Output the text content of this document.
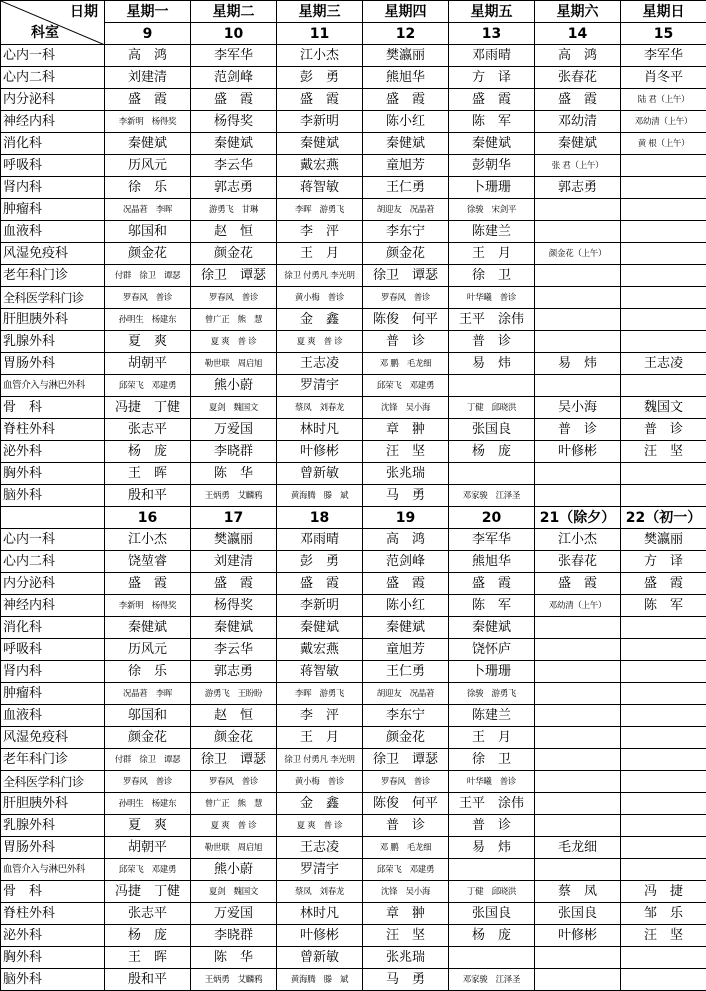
日期
科室	星期一	星期二	星期三	星期四	星期五	星期六	星期日
	9	10	11	12	13	14	15
心内一科	高　鸿	李军华	江小杰	樊瀛丽	邓雨晴	高　鸿	李军华
心内二科	刘建清	范剑峰	彭　勇	熊旭华	方　译	张春花	肖冬平
内分泌科	盛　霞	盛　霞	盛　霞	盛　霞	盛　霞	盛　霞	陆 君（上午）
神经内科	李新明　杨得奖	杨得奖	李新明	陈小红	陈　军	邓幼清	邓幼清（上午）
消化科	秦健斌	秦健斌	秦健斌	秦健斌	秦健斌	秦健斌	黄 根（上午）
呼吸科	历风元	李云华	戴宏燕	童旭芳	彭朝华	张 君（上午）	
肾内科	徐　乐	郭志勇	蒋智敏	王仁勇	卜珊珊	郭志勇	
肿瘤科	况晶莙　李晖	游勇飞　甘琳	李晖　游勇飞	胡迎友　况晶莙	徐骏　宋剑平		
血液科	邬国和	赵　恒	李　泙	李东宁	陈建兰		
风湿免疫科	颜金花	颜金花	王　月	颜金花	王　月	颜金花（上午）	
老年科门诊	付群　徐卫　谭瑟	徐卫　谭瑟	徐卫 付勇凡 李光明	徐卫　谭瑟	徐　卫		
全科医学科门诊	罗春风　普诊	罗春风　普诊	黄小梅　普诊	罗春风　普诊	叶华曦　普诊		
肝胆胰外科	孙明生　杨建东	曾广正　熊　慧	金　鑫	陈俊　何平	王平　涂伟		
乳腺外科	夏　爽	夏 爽　普 诊	夏 爽　普 诊	普　诊	普　诊		
胃肠外科	胡朝平	勒世联　周启旭	王志凌	邓 鹏　毛龙细	易　炜	易　炜	王志凌
血管介入与淋巴外科	邱荣飞　邓建勇	熊小蔚	罗清宇	邱荣飞　邓建勇			
骨　科	冯捷　丁健	夏剑　魏国文	蔡凤　刘春龙	沈锋　吴小海	丁健　邱晓洪	吴小海	魏国文
脊柱外科	张志平	万爱国	林时凡	章　翀	张国良	普　诊	普　诊
泌外科	杨　庞	李晓群	叶修彬	汪　坚	杨　庞	叶修彬	汪　坚
胸外科	王　晖	陈　华	曾新敏	张兆瑞			
脑外科	殷和平	王炳勇　艾麟鸦	黄海腾　滕　斌	马　勇	邓家骏　江泽圣		
	16	17	18	19	20	21（除夕）	22（初一）
心内一科	江小杰	樊瀛丽	邓雨晴	高　鸿	李军华	江小杰	樊瀛丽
心内二科	饶堃睿	刘建清	彭　勇	范剑峰	熊旭华	张春花	方　译
内分泌科	盛　霞	盛　霞	盛　霞	盛　霞	盛　霞	盛　霞	盛　霞
神经内科	李新明　杨得奖	杨得奖	李新明	陈小红	陈　军	邓幼清（上午）	陈　军
消化科	秦健斌	秦健斌	秦健斌	秦健斌	秦健斌		
呼吸科	历风元	李云华	戴宏燕	童旭芳	饶怀庐		
肾内科	徐　乐	郭志勇	蒋智敏	王仁勇	卜珊珊		
肿瘤科	况晶莙　李晖	游勇飞　王盼盼	李晖　游勇飞	胡迎友　况晶莙	徐骏　游勇飞		
血液科	邬国和	赵　恒	李　泙	李东宁	陈建兰		
风湿免疫科	颜金花	颜金花	王　月	颜金花	王　月		
老年科门诊	付群　徐卫　谭瑟	徐卫　谭瑟	徐卫 付勇凡 李光明	徐卫　谭瑟	徐　卫		
全科医学科门诊	罗春风　普诊	罗春风　普诊	黄小梅　普诊	罗春风　普诊	叶华曦　普诊		
肝胆胰外科	孙明生　杨建东	曾广正　熊　慧	金　鑫	陈俊　何平	王平　涂伟		
乳腺外科	夏　爽	夏 爽　普 诊	夏 爽　普 诊	普　诊	普　诊		
胃肠外科	胡朝平	勒世联　周启旭	王志凌	邓 鹏　毛龙细	易　炜	毛龙细	
血管介入与淋巴外科	邱荣飞　邓建勇	熊小蔚	罗清宇	邱荣飞　邓建勇			
骨　科	冯捷　丁健	夏剑　魏国文	蔡凤　刘春龙	沈锋　吴小海	丁健　邱晓洪	蔡　凤	冯　捷
脊柱外科	张志平	万爱国	林时凡	章　翀	张国良	张国良	邹　乐
泌外科	杨　庞	李晓群	叶修彬	汪　坚	杨　庞	叶修彬	汪　坚
胸外科	王　晖	陈　华	曾新敏	张兆瑞			
脑外科	殷和平	王炳勇　艾麟鸦	黄海腾　滕　斌	马　勇	邓家骏　江泽圣		
